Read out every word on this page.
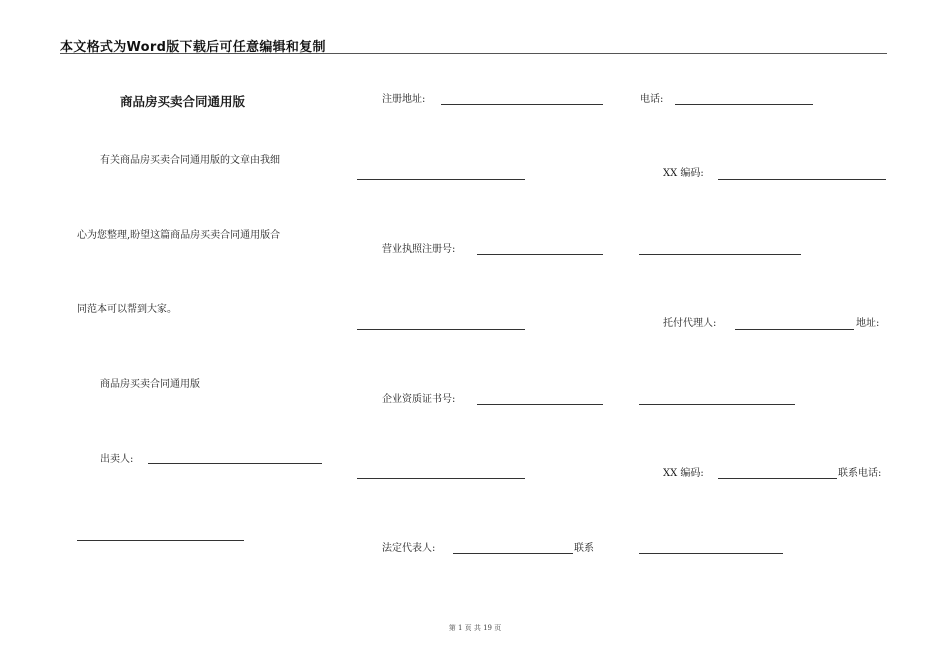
本文格式为Word版下载后可任意编辑和复制
商品房买卖合同通用版
有关商品房买卖合同通用版的文章由我细
心为您整理,盼望这篇商品房买卖合同通用版合
同范本可以帮到大家。
商品房买卖合同通用版
出卖人:
注册地址:
营业执照注册号:
企业资质证书号:
法定代表人:	联系
电话:
XX 编码:
托付代理人:	地址:
XX 编码:	联系电话:
第 1 页 共 19 页
